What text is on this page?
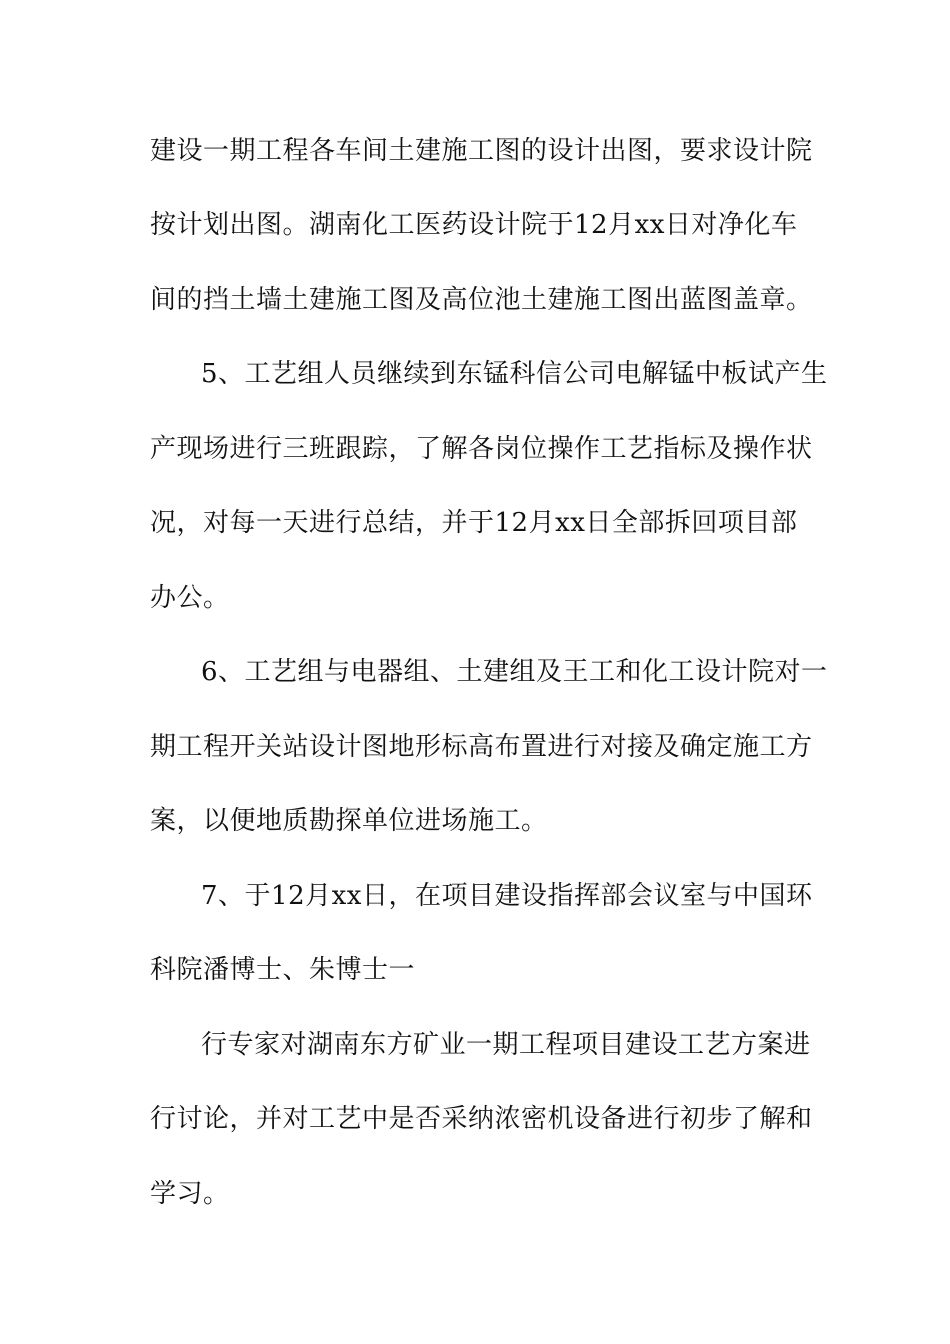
建设一期工程各车间土建施工图的设计出图，要求设计院
按计划出图。湖南化工医药设计院于12月xx日对净化车
间的挡土墙土建施工图及高位池土建施工图出蓝图盖章。
5、工艺组人员继续到东锰科信公司电解锰中板试产生
产现场进行三班跟踪，了解各岗位操作工艺指标及操作状
况，对每一天进行总结，并于12月xx日全部拆回项目部
办公。
6、工艺组与电器组、土建组及王工和化工设计院对一
期工程开关站设计图地形标高布置进行对接及确定施工方
案，以便地质勘探单位进场施工。
7、于12月xx日，在项目建设指挥部会议室与中国环
科院潘博士、朱博士一
行专家对湖南东方矿业一期工程项目建设工艺方案进
行讨论，并对工艺中是否采纳浓密机设备进行初步了解和
学习。
